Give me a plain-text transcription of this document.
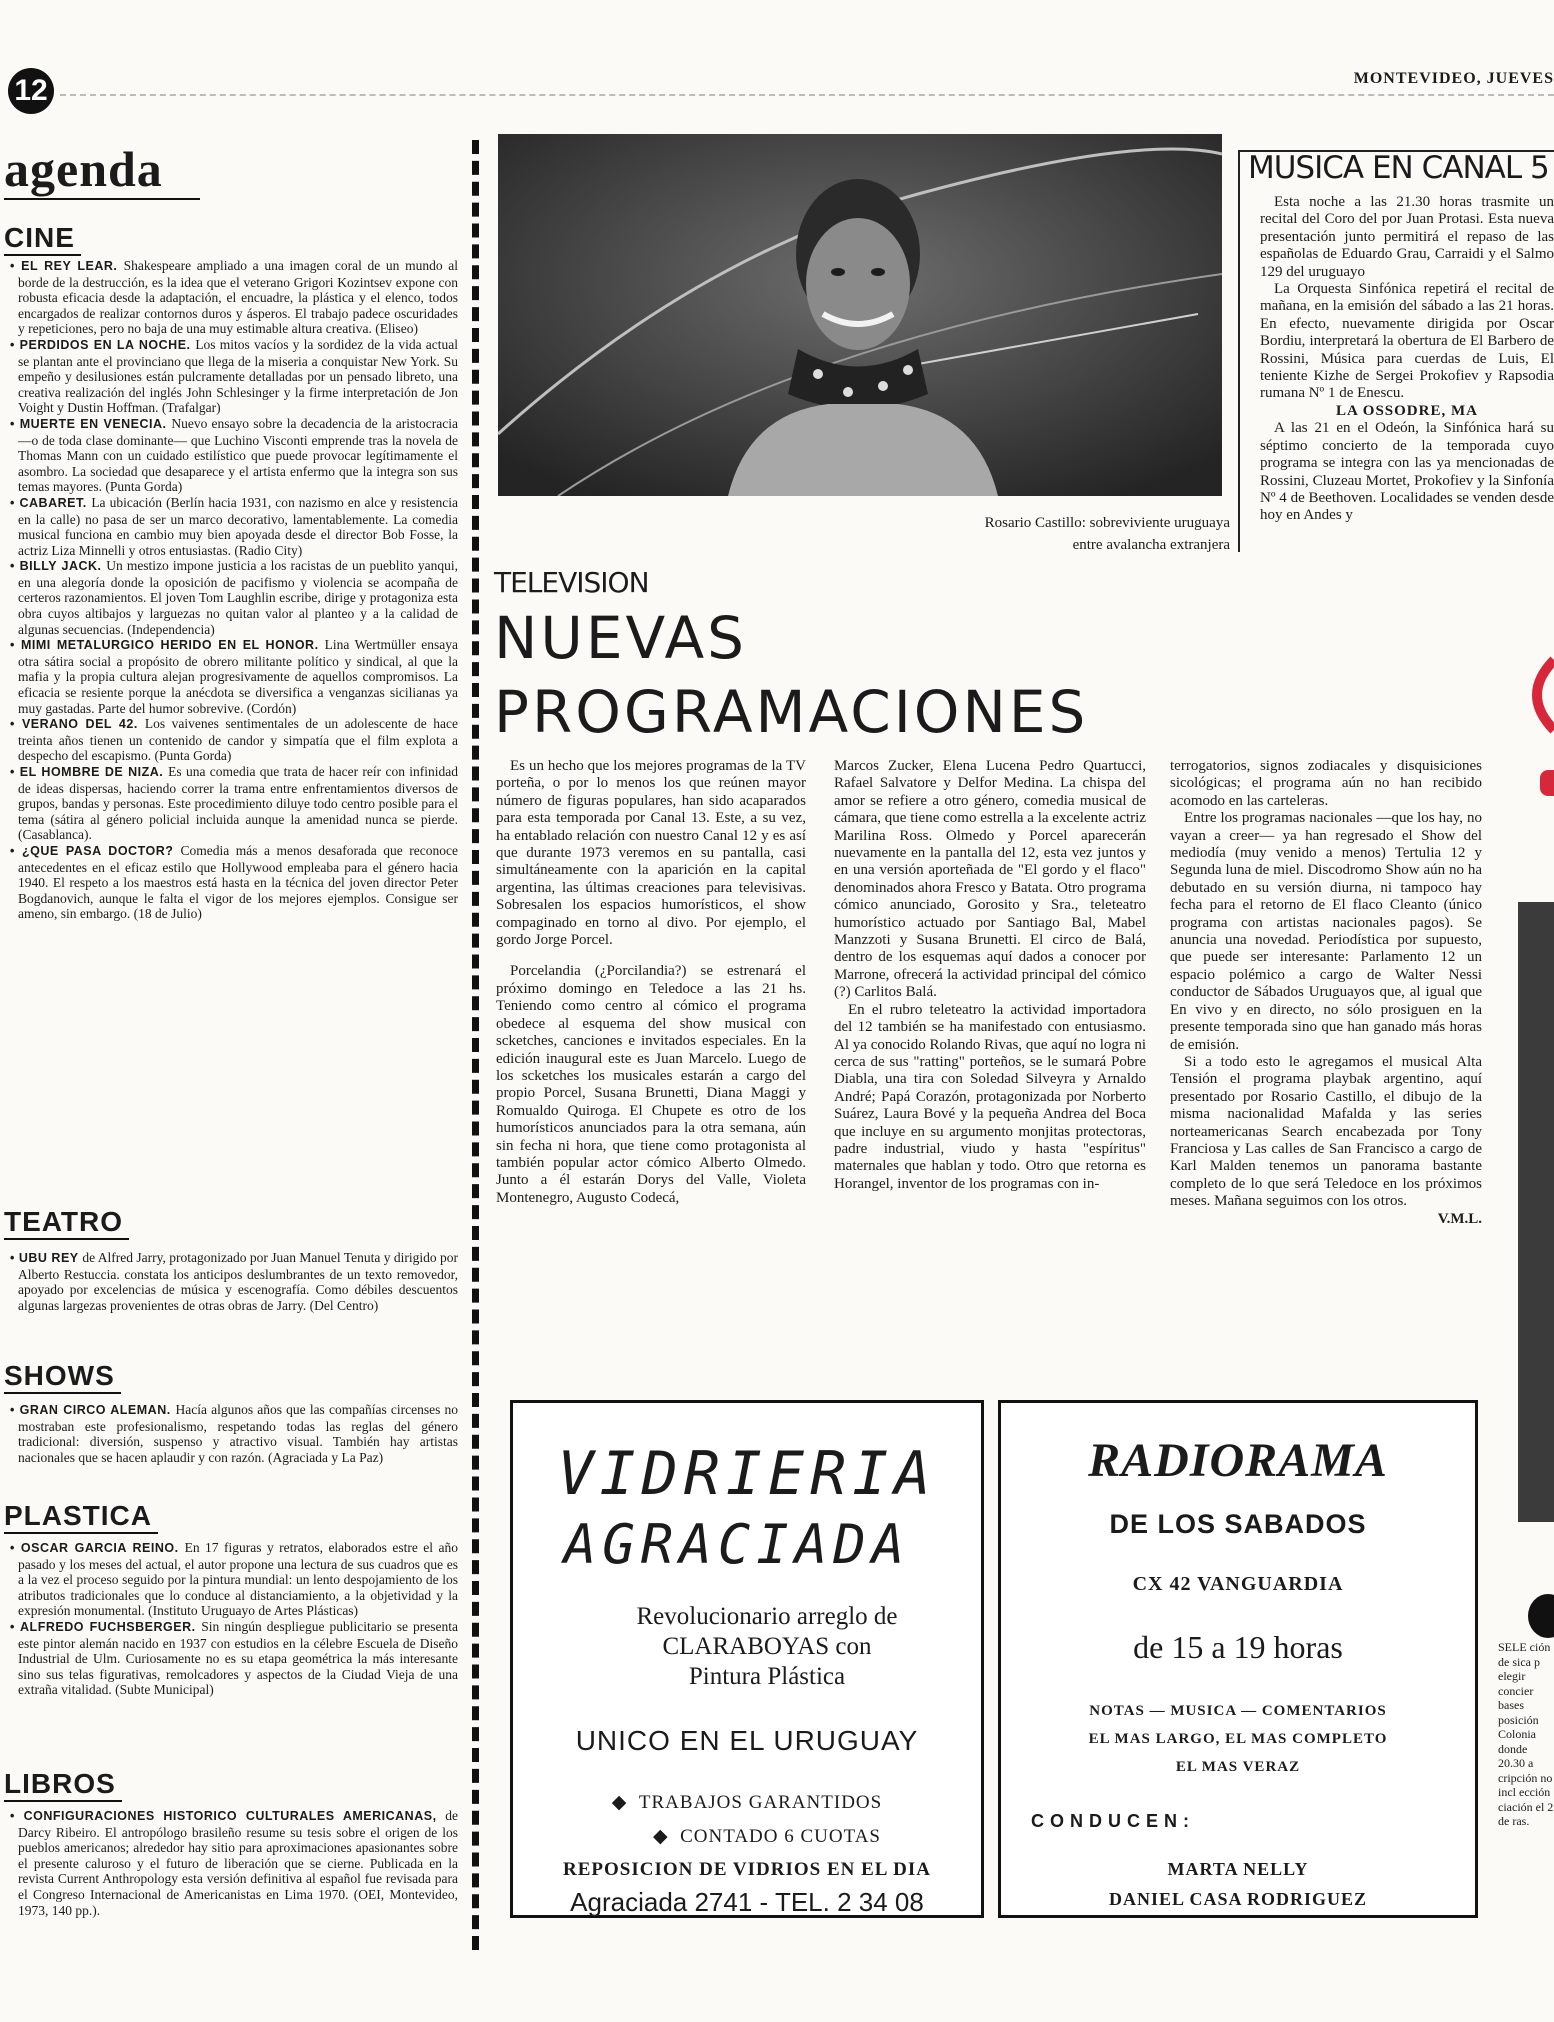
12	MONTEVIDEO, JUEVES
agenda
CINE

• EL REY LEAR. Shakespeare ampliado a una imagen coral de un mundo al borde de la destrucción, es la idea que el veterano Grigori Kozintsev expone con robusta eficacia desde la adaptación, el encuadre, la plástica y el elenco, todos encargados de realizar contornos duros y ásperos. El trabajo padece oscuridades y repeticiones, pero no baja de una muy estimable altura creativa. (Eliseo)

• PERDIDOS EN LA NOCHE. Los mitos vacíos y la sordidez de la vida actual se plantan ante el provinciano que llega de la miseria a conquistar New York. Su empeño y desilusiones están pulcramente detalladas por un pensado libreto, una creativa realización del inglés John Schlesinger y la firme interpretación de Jon Voight y Dustin Hoffman. (Trafalgar)

• MUERTE EN VENECIA. Nuevo ensayo sobre la decadencia de la aristocracia —o de toda clase dominante— que Luchino Visconti emprende tras la novela de Thomas Mann con un cuidado estilístico que puede provocar legítimamente el asombro. La sociedad que desaparece y el artista enfermo que la integra son sus temas mayores. (Punta Gorda)

• CABARET. La ubicación (Berlín hacia 1931, con nazismo en alce y resistencia en la calle) no pasa de ser un marco decorativo, lamentablemente. La comedia musical funciona en cambio muy bien apoyada desde el director Bob Fosse, la actriz Liza Minnelli y otros entusiastas. (Radio City)

• BILLY JACK. Un mestizo impone justicia a los racistas de un pueblito yanqui, en una alegoría donde la oposición de pacifismo y violencia se acompaña de certeros razonamientos. El joven Tom Laughlin escribe, dirige y protagoniza esta obra cuyos altibajos y larguezas no quitan valor al planteo y a la calidad de algunas secuencias. (Independencia)

• MIMI METALURGICO HERIDO EN EL HONOR. Lina Wertmüller ensaya otra sátira social a propósito de obrero militante político y sindical, al que la mafia y la propia cultura alejan progresivamente de aquellos compromisos. La eficacia se resiente porque la anécdota se diversifica a venganzas sicilianas ya muy gastadas. Parte del humor sobrevive. (Cordón)

• VERANO DEL 42. Los vaivenes sentimentales de un adolescente de hace treinta años tienen un contenido de candor y simpatía que el film explota a despecho del escapismo. (Punta Gorda)

• EL HOMBRE DE NIZA. Es una comedia que trata de hacer reír con infinidad de ideas dispersas, haciendo correr la trama entre enfrentamientos diversos de grupos, bandas y personas. Este procedimiento diluye todo centro posible para el tema (sátira al género policial incluida aunque la amenidad nunca se pierde. (Casablanca).

• ¿QUE PASA DOCTOR? Comedia más a menos desaforada que reconoce antecedentes en el eficaz estilo que Hollywood empleaba para el género hacia 1940. El respeto a los maestros está hasta en la técnica del joven director Peter Bogdanovich, aunque le falta el vigor de los mejores ejemplos. Consigue ser ameno, sin embargo. (18 de Julio)

TEATRO

• UBU REY de Alfred Jarry, protagonizado por Juan Manuel Tenuta y dirigido por Alberto Restuccia. constata los anticipos deslumbrantes de un texto removedor, apoyado por excelencias de música y escenografía. Como débiles descuentos algunas largezas provenientes de otras obras de Jarry. (Del Centro)

SHOWS

• GRAN CIRCO ALEMAN. Hacía algunos años que las compañías circenses no mostraban este profesionalismo, respetando todas las reglas del género tradicional: diversión, suspenso y atractivo visual. También hay artistas nacionales que se hacen aplaudir y con razón. (Agraciada y La Paz)

PLASTICA

• OSCAR GARCIA REINO. En 17 figuras y retratos, elaborados estre el año pasado y los meses del actual, el autor propone una lectura de sus cuadros que es a la vez el proceso seguido por la pintura mundial: un lento despojamiento de los atributos tradicionales que lo conduce al distanciamiento, a la objetividad y la expresión monumental. (Instituto Uruguayo de Artes Plásticas)

• ALFREDO FUCHSBERGER. Sin ningún despliegue publicitario se presenta este pintor alemán nacido en 1937 con estudios en la célebre Escuela de Diseño Industrial de Ulm. Curiosamente no es su etapa geométrica la más interesante sino sus telas figurativas, remolcadores y aspectos de la Ciudad Vieja de una extraña vitalidad. (Subte Municipal)

LIBROS

• CONFIGURACIONES HISTORICO CULTURALES AMERICANAS, de Darcy Ribeiro. El antropólogo brasileño resume su tesis sobre el origen de los pueblos americanos; alrededor hay sitio para aproximaciones apasionantes sobre el presente caluroso y el futuro de liberación que se cierne. Publicada en la revista Current Anthropology esta versión definitiva al español fue revisada para el Congreso Internacional de Americanistas en Lima 1970. (OEI, Montevideo, 1973, 140 pp.).

Rosario Castillo: sobreviviente uruguaya
entre avalancha extranjera
TELEVISION
NUEVAS
PROGRAMACIONES

Es un hecho que los mejores programas de la TV porteña, o por lo menos los que reúnen mayor número de figuras populares, han sido acaparados para esta temporada por Canal 13. Este, a su vez, ha entablado relación con nuestro Canal 12 y es así que durante 1973 veremos en su pantalla, casi simultáneamente con la aparición en la capital argentina, las últimas creaciones para televisivas. Sobresalen los espacios humorísticos, el show compaginado en torno al divo. Por ejemplo, el gordo Jorge Porcel.

Porcelandia (¿Porcilandia?) se estrenará el próximo domingo en Teledoce a las 21 hs. Teniendo como centro al cómico el programa obedece al esquema del show musical con scketches, canciones e invitados especiales. En la edición inaugural este es Juan Marcelo. Luego de los scketches los musicales estarán a cargo del propio Porcel, Susana Brunetti, Diana Maggi y Romualdo Quiroga. El Chupete es otro de los humorísticos anunciados para la otra semana, aún sin fecha ni hora, que tiene como protagonista al también popular actor cómico Alberto Olmedo. Junto a él estarán Dorys del Valle, Violeta Montenegro, Augusto Codecá,

Marcos Zucker, Elena Lucena Pedro Quartucci, Rafael Salvatore y Delfor Medina. La chispa del amor se refiere a otro género, comedia musical de cámara, que tiene como estrella a la excelente actriz Marilina Ross. Olmedo y Porcel aparecerán nuevamente en la pantalla del 12, esta vez juntos y en una versión aporteñada de "El gordo y el flaco" denominados ahora Fresco y Batata. Otro programa cómico anunciado, Gorosito y Sra., teleteatro humorístico actuado por Santiago Bal, Mabel Manzzoti y Susana Brunetti. El circo de Balá, dentro de los esquemas aquí dados a conocer por Marrone, ofrecerá la actividad principal del cómico (?) Carlitos Balá.

En el rubro teleteatro la actividad importadora del 12 también se ha manifestado con entusiasmo. Al ya conocido Rolando Rivas, que aquí no logra ni cerca de sus "ratting" porteños, se le sumará Pobre Diabla, una tira con Soledad Silveyra y Arnaldo André; Papá Corazón, protagonizada por Norberto Suárez, Laura Bové y la pequeña Andrea del Boca que incluye en su argumento monjitas protectoras, padre industrial, viudo y hasta "espíritus" maternales que hablan y todo. Otro que retorna es Horangel, inventor de los programas con in-

terrogatorios, signos zodiacales y disquisiciones sicológicas; el programa aún no han recibido acomodo en las carteleras.

Entre los programas nacionales —que los hay, no vayan a creer— ya han regresado el Show del mediodía (muy venido a menos) Tertulia 12 y Segunda luna de miel. Discodromo Show aún no ha debutado en su versión diurna, ni tampoco hay fecha para el retorno de El flaco Cleanto (único programa con artistas nacionales pagos). Se anuncia una novedad. Periodística por supuesto, que puede ser interesante: Parlamento 12 un espacio polémico a cargo de Walter Nessi conductor de Sábados Uruguayos que, al igual que En vivo y en directo, no sólo prosiguen en la presente temporada sino que han ganado más horas de emisión.

Si a todo esto le agregamos el musical Alta Tensión el programa playbak argentino, aquí presentado por Rosario Castillo, el dibujo de la misma nacionalidad Mafalda y las series norteamericanas Search encabezada por Tony Franciosa y Las calles de San Francisco a cargo de Karl Malden tenemos un panorama bastante completo de lo que será Teledoce en los próximos meses. Mañana seguimos con los otros.

V.M.L.
MUSICA EN CANAL 5

Esta noche a las 21.30 horas trasmite un recital del Coro del por Juan Protasi. Esta nueva presentación junto permitirá el repaso de las españolas de Eduardo Grau, Carraidi y el Salmo 129 del uruguayo

La Orquesta Sinfónica repetirá el recital de mañana, en la emisión del sábado a las 21 horas. En efecto, nuevamente dirigida por Oscar Bordiu, interpretará la obertura de El Barbero de Rossini, Música para cuerdas de Luis, El teniente Kizhe de Sergei Prokofiev y Rapsodia rumana Nº 1 de Enescu.

LA OSSODRE, MA

A las 21 en el Odeón, la Sinfónica hará su séptimo concierto de la temporada cuyo programa se integra con las ya mencionadas de Rossini, Cluzeau Mortet, Prokofiev y la Sinfonía Nº 4 de Beethoven. Localidades se venden desde hoy en Andes y

SELE ción de sica p elegir concier bases posición Colonia donde 20.30 a cripción no incl ección ciación el 2 de ras.
VIDRIERIA
AGRACIADA
Revolucionario arreglo de
CLARABOYAS con
Pintura Plástica
UNICO EN EL URUGUAY
◆  TRABAJOS GARANTIDOS
◆  CONTADO 6 CUOTAS
REPOSICION DE VIDRIOS EN EL DIA
Agraciada 2741 - TEL. 2 34 08
RADIORAMA
DE LOS SABADOS
CX 42 VANGUARDIA
de 15 a 19 horas
NOTAS — MUSICA — COMENTARIOS
EL MAS LARGO, EL MAS COMPLETO
EL MAS VERAZ
CONDUCEN:
MARTA NELLY
DANIEL CASA RODRIGUEZ
